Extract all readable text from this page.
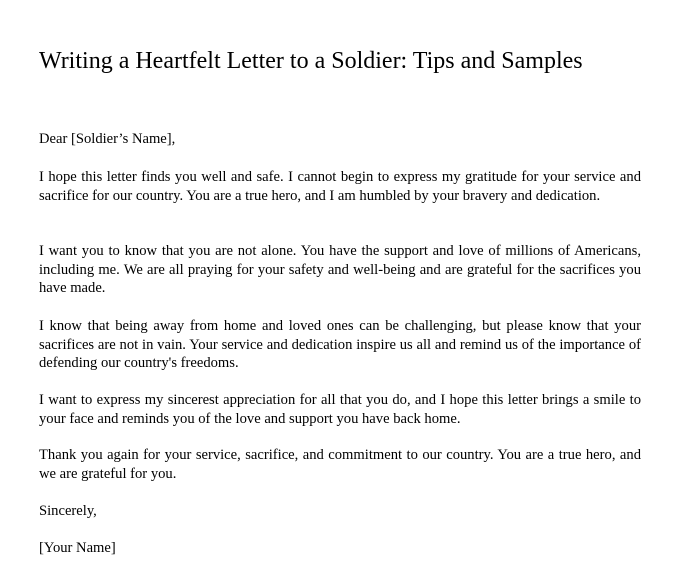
Writing a Heartfelt Letter to a Soldier: Tips and Samples

Dear [Soldier’s Name],

I hope this letter finds you well and safe. I cannot begin to express my gratitude for your service and sacrifice for our country. You are a true hero, and I am humbled by your bravery and dedication.

I want you to know that you are not alone. You have the support and love of millions of Americans, including me. We are all praying for your safety and well-being and are grateful for the sacrifices you have made.

I know that being away from home and loved ones can be challenging, but please know that your sacrifices are not in vain. Your service and dedication inspire us all and remind us of the importance of defending our country's freedoms.

I want to express my sincerest appreciation for all that you do, and I hope this letter brings a smile to your face and reminds you of the love and support you have back home.

Thank you again for your service, sacrifice, and commitment to our country. You are a true hero, and we are grateful for you.

Sincerely,

[Your Name]
